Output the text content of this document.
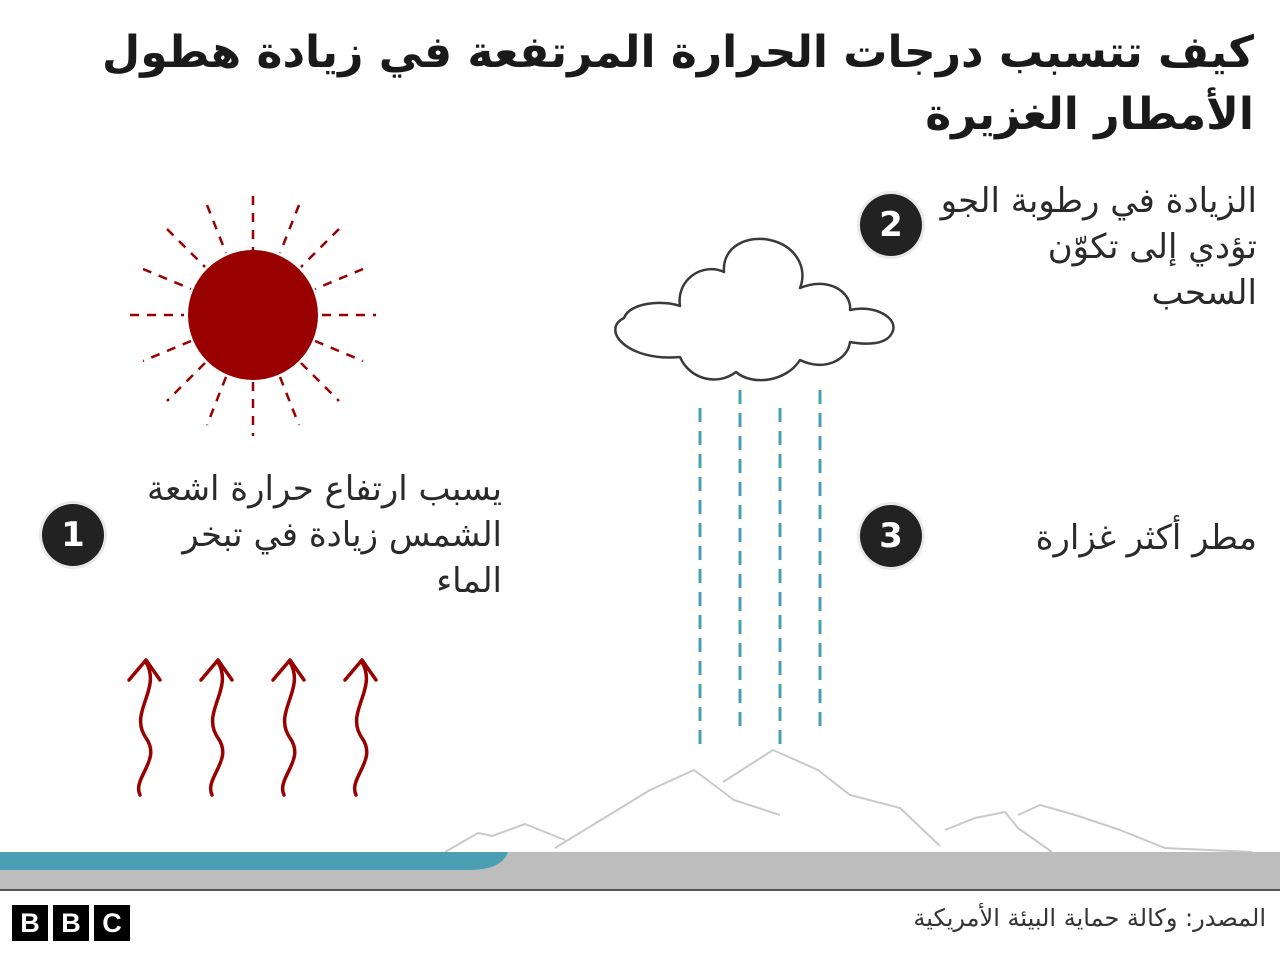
كيف تتسبب درجات الحرارة المرتفعة في زيادة هطول الأمطار الغزيرة
1
يسبب ارتفاع حرارة اشعة الشمس زيادة في تبخر الماء
2
الزيادة في رطوبة الجو تؤدي إلى تكوّن السحب
3	مطر أكثر غزارة
B B C	المصدر: وكالة حماية البيئة الأمريكية
